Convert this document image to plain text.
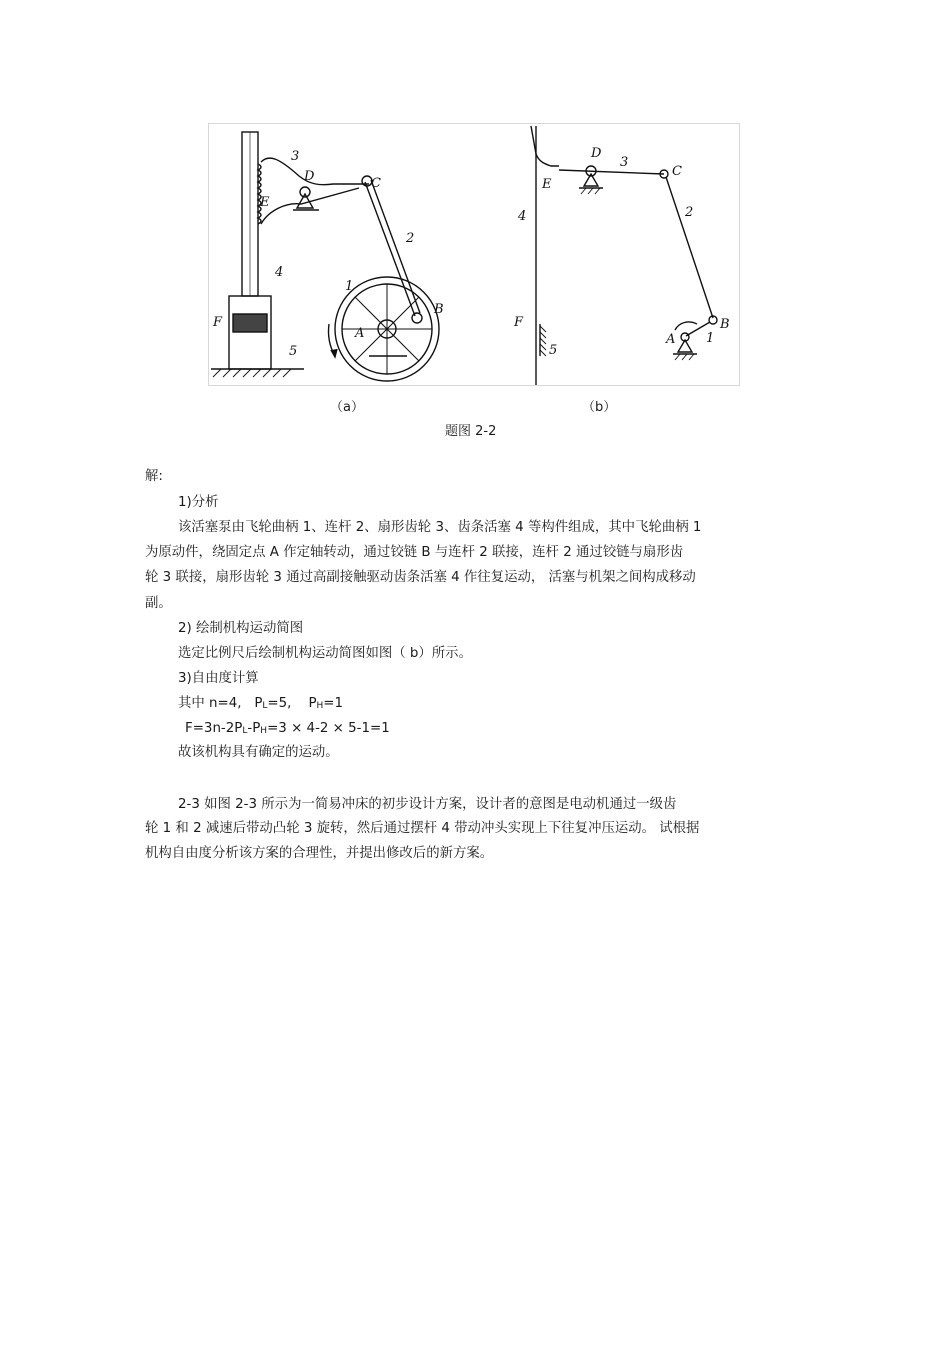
3
D	C
E
2
4
1
B
F
5
A
D
3
C
E
2
4
F
5
B
A 1
（a）	（b）
题图 2-2
解:
1)分析
该活塞泵由飞轮曲柄 1、连杆 2、扇形齿轮 3、齿条活塞 4 等构件组成，其中飞轮曲柄 1
为原动件，绕固定点 A 作定轴转动，通过铰链 B 与连杆 2 联接，连杆 2 通过铰链与扇形齿
轮 3 联接，扇形齿轮 3 通过高副接触驱动齿条活塞 4 作往复运动， 活塞与机架之间构成移动
副。
2) 绘制机构运动简图
选定比例尺后绘制机构运动简图如图（ b）所示。
3)自由度计算
其中 n=4, PL=5, PH=1
F=3n-2PL-PH=3 × 4-2 × 5-1=1
故该机构具有确定的运动。
2-3 如图 2-3 所示为一简易冲床的初步设计方案，设计者的意图是电动机通过一级齿
轮 1 和 2 减速后带动凸轮 3 旋转，然后通过摆杆 4 带动冲头实现上下往复冲压运动。 试根据
机构自由度分析该方案的合理性，并提出修改后的新方案。
